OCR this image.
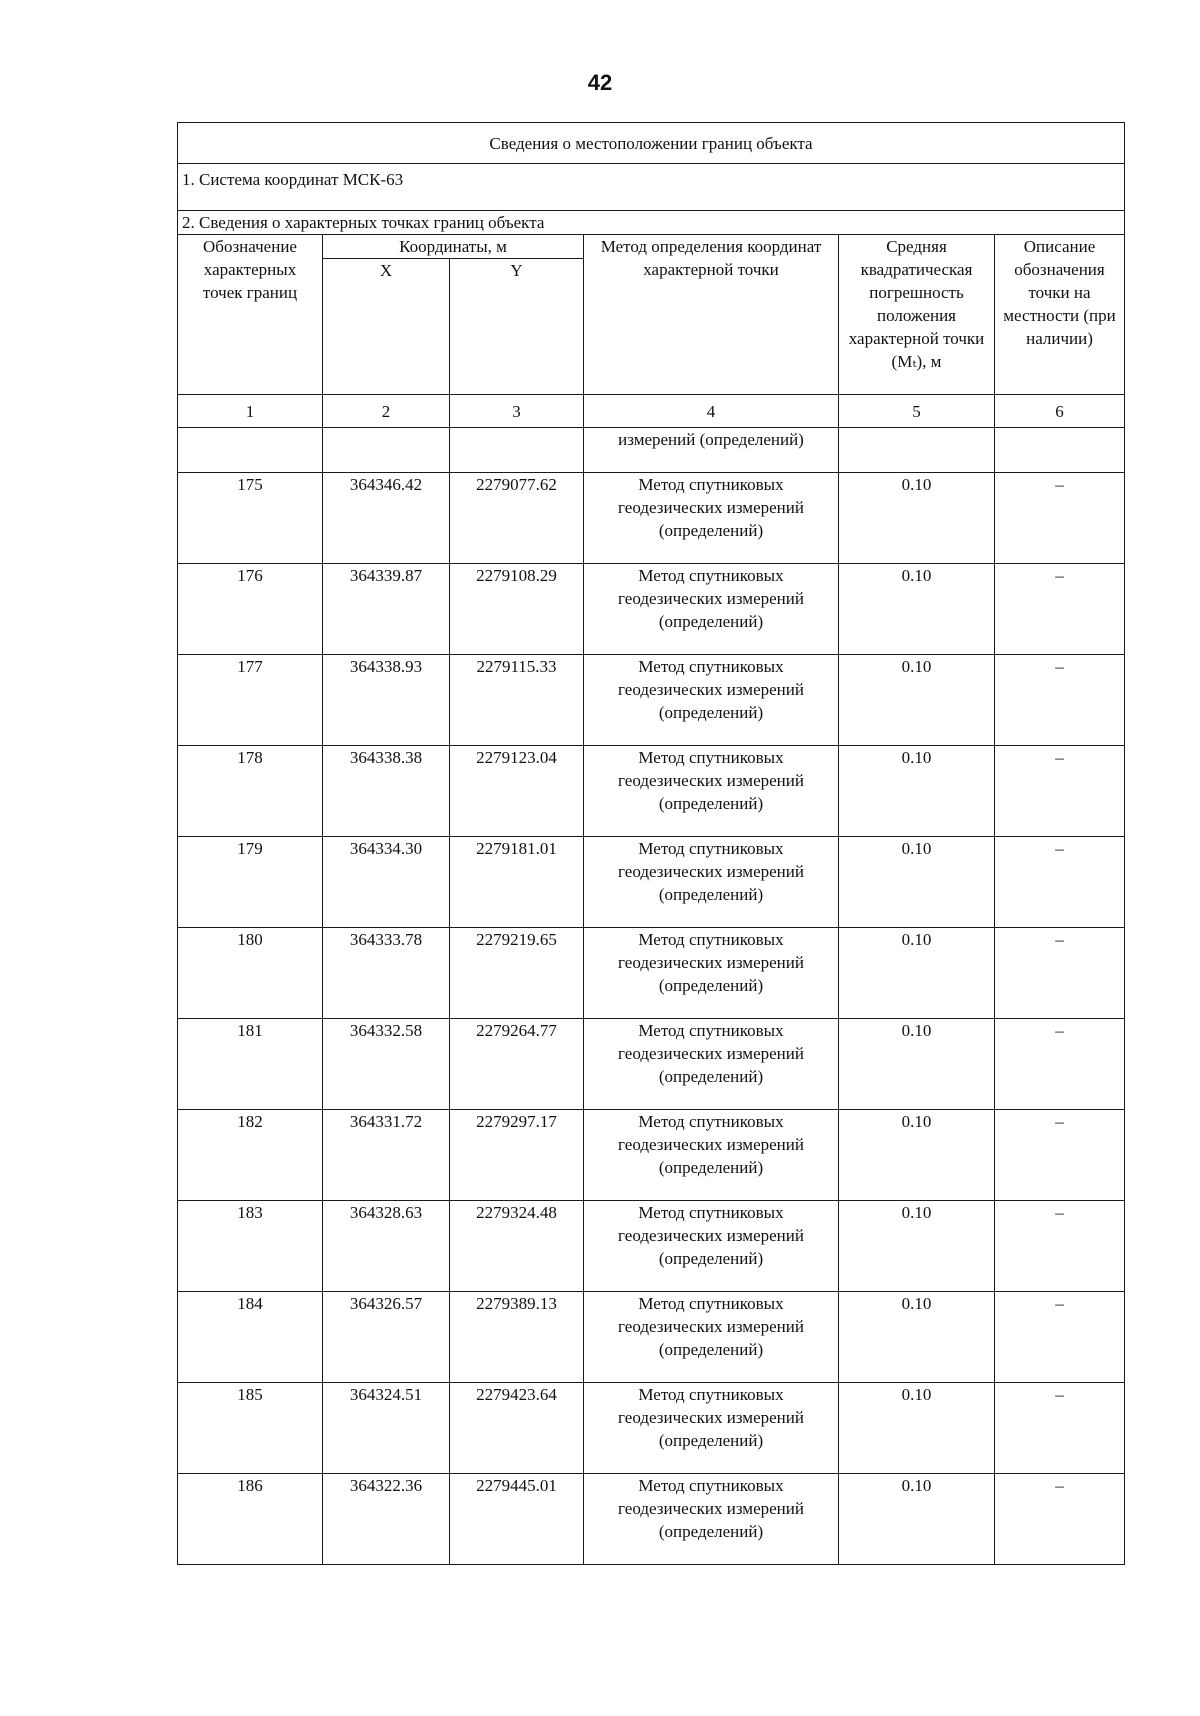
42
Сведения о местоположении границ объекта					
1. Система координат МСК-63					
2. Сведения о характерных точках границ объекта					
Обозначение характерных точек границ	Координаты, м		Метод определения координат характерной точки	Средняя квадратическая погрешность положения характерной точки (Mₜ), м	Описание обозначения точки на местности (при наличии)
	X	Y			
1	2	3	4	5	6
			измерений (определений)		
175	364346.42	2279077.62	Метод спутниковых геодезических измерений (определений)	0.10	–
176	364339.87	2279108.29	Метод спутниковых геодезических измерений (определений)	0.10	–
177	364338.93	2279115.33	Метод спутниковых геодезических измерений (определений)	0.10	–
178	364338.38	2279123.04	Метод спутниковых геодезических измерений (определений)	0.10	–
179	364334.30	2279181.01	Метод спутниковых геодезических измерений (определений)	0.10	–
180	364333.78	2279219.65	Метод спутниковых геодезических измерений (определений)	0.10	–
181	364332.58	2279264.77	Метод спутниковых геодезических измерений (определений)	0.10	–
182	364331.72	2279297.17	Метод спутниковых геодезических измерений (определений)	0.10	–
183	364328.63	2279324.48	Метод спутниковых геодезических измерений (определений)	0.10	–
184	364326.57	2279389.13	Метод спутниковых геодезических измерений (определений)	0.10	–
185	364324.51	2279423.64	Метод спутниковых геодезических измерений (определений)	0.10	–
186	364322.36	2279445.01	Метод спутниковых геодезических измерений (определений)	0.10	–
